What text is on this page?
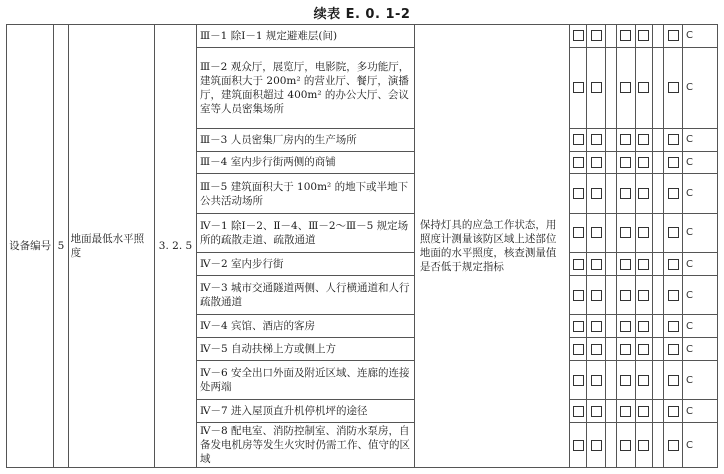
续表 E. 0. 1-2
设备编号	5	地面最低水平照度	3. 2. 5	Ⅲ－1 除Ⅰ－1 规定避难层(间)	保持灯具的应急工作状态，用照度计测量该防区域上述部位地面的水平照度，核查测量值是否低于规定指标								C
				Ⅲ－2 观众厅，展览厅，电影院，多功能厅，建筑面积大于 200m² 的营业厅、餐厅，演播厅，建筑面积超过 400m² 的办公大厅、会议室等人员密集场所									C
				Ⅲ－3 人员密集厂房内的生产场所									C
				Ⅲ－4 室内步行街两侧的商铺									C
				Ⅲ－5 建筑面积大于 100m² 的地下或半地下公共活动场所									C
				Ⅳ－1 除Ⅰ－2、Ⅱ－4、Ⅲ－2～Ⅲ－5 规定场所的疏散走道、疏散通道									C
				Ⅳ－2 室内步行街									C
				Ⅳ－3 城市交通隧道两侧、人行横通道和人行疏散通道									C
				Ⅳ－4 宾馆、酒店的客房									C
				Ⅳ－5 自动扶梯上方或侧上方									C
				Ⅳ－6 安全出口外面及附近区域、连廊的连接处两端									C
				Ⅳ－7 进入屋顶直升机停机坪的途径									C
				Ⅳ－8 配电室、消防控制室、消防水泵房，自备发电机房等发生火灾时仍需工作、值守的区域									C
